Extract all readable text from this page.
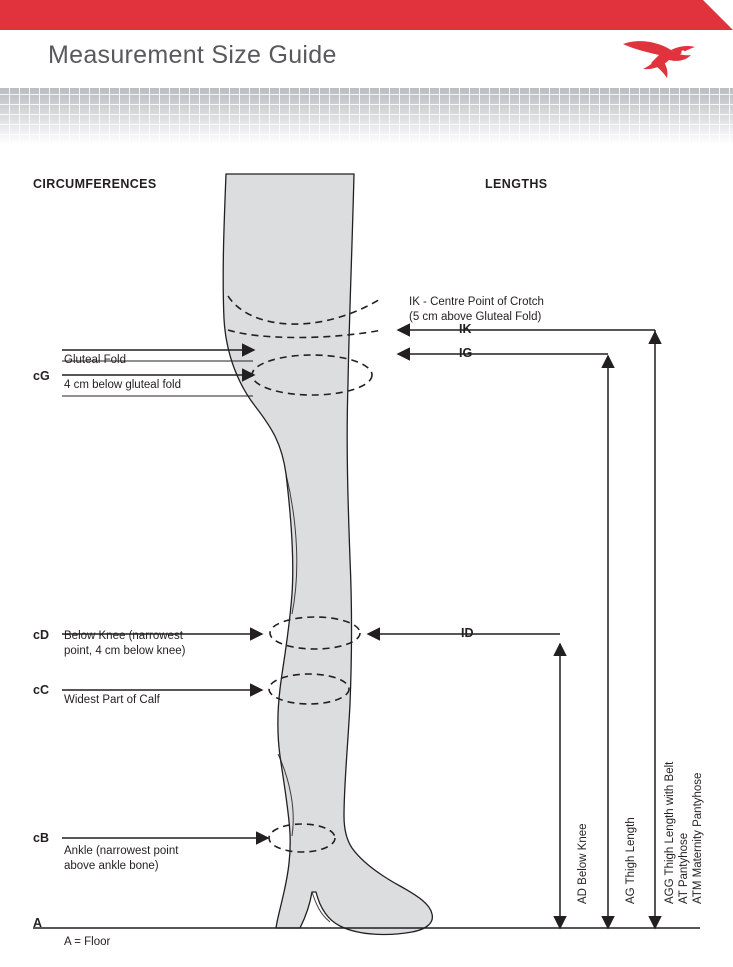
Measurement Size Guide
CIRCUMFERENCES	LENGTHS
cG
Gluteal Fold
4 cm below gluteal fold
cD Below Knee (narrowest
point, 4 cm below knee)
cC
Widest Part of Calf
cB
Ankle (narrowest point
above ankle bone)
A
A = Floor
IK - Centre Point of Crotch
(5 cm above Gluteal Fold)
IK
IG
ID
AD Below Knee	AG Thigh Length AGG Thigh Length with Belt AT Pantyhose ATM Maternity Pantyhose
